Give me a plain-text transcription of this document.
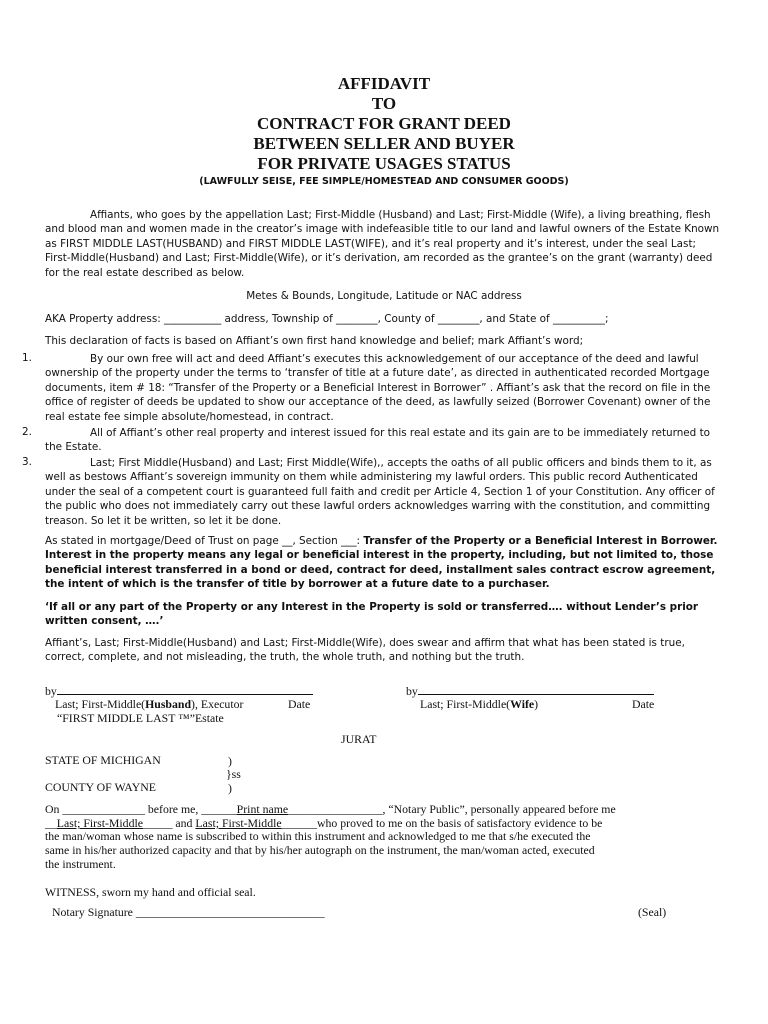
AFFIDAVIT
TO
CONTRACT FOR GRANT DEED
BETWEEN SELLER AND BUYER
FOR PRIVATE USAGES STATUS
(LAWFULLY SEISE, FEE SIMPLE/HOMESTEAD AND CONSUMER GOODS)

Affiants, who goes by the appellation Last; First-Middle (Husband) and Last; First-Middle (Wife), a living breathing, flesh and blood man and women made in the creator’s image with indefeasible title to our land and lawful owners of the Estate Known as FIRST MIDDLE LAST(HUSBAND) and FIRST MIDDLE LAST(WIFE), and it’s real property and it’s interest, under the seal Last; First-Middle(Husband) and Last; First-Middle(Wife), or it’s derivation, am recorded as the grantee’s on the grant (warranty) deed for the real estate described as below.

Metes & Bounds, Longitude, Latitude or NAC address
AKA Property address: ___________ address, Township of ________, County of ________, and State of __________;
This declaration of facts is based on Affiant’s own first hand knowledge and belief; mark Affiant’s word;
1.	By our own free will act and deed Affiant’s executes this acknowledgement of our acceptance of the deed and lawful ownership of the property under the terms to ‘transfer of title at a future date’, as directed in authenticated recorded Mortgage documents, item # 18: “Transfer of the Property or a Beneficial Interest in Borrower” . Affiant’s ask that the record on file in the office of register of deeds be updated to show our acceptance of the deed, as lawfully seized (Borrower Covenant) owner of the real estate fee simple absolute/homestead, in contract.

2.	All of Affiant’s other real property and interest issued for this real estate and its gain are to be immediately returned to the Estate.

3.	Last; First Middle(Husband) and Last; First Middle(Wife),, accepts the oaths of all public officers and binds them to it, as well as bestows Affiant’s sovereign immunity on them while administering my lawful orders. This public record Authenticated under the seal of a competent court is guaranteed full faith and credit per Article 4, Section 1 of your Constitution. Any officer of the public who does not immediately carry out these lawful orders acknowledges warring with the constitution, and committing treason. So let it be written, so let it be done.

As stated in mortgage/Deed of Trust on page __, Section ___: Transfer of the Property or a Beneficial Interest in Borrower. Interest in the property means any legal or beneficial interest in the property, including, but not limited to, those beneficial interest transferred in a bond or deed, contract for deed, installment sales contract escrow agreement, the intent of which is the transfer of title by borrower at a future date to a purchaser.

‘If all or any part of the Property or any Interest in the Property is sold or transferred…. without Lender’s prior written consent, ….’

Affiant’s, Last; First-Middle(Husband) and Last; First-Middle(Wife), does swear and affirm that what has been stated is true, correct, complete, and not misleading, the truth, the whole truth, and nothing but the truth.

by
Last; First-Middle(Husband), Executor	Date
“FIRST MIDDLE LAST ™”Estate
by
Last; First-Middle(Wife)	Date
JURAT
STATE OF MICHIGAN	)
}ss
COUNTY OF WAYNE	)
On ______________ before me, ______Print name________________, “Notary Public”, personally appeared before me
__Last; First-Middle_____ and Last; First-Middle______who proved to me on the basis of satisfactory evidence to be
the man/woman whose name is subscribed to within this instrument and acknowledged to me that s/he executed the
same in his/her authorized capacity and that by his/her autograph on the instrument, the man/woman acted, executed
the instrument.
WITNESS, sworn my hand and official seal.
Notary Signature ________________________________	(Seal)
